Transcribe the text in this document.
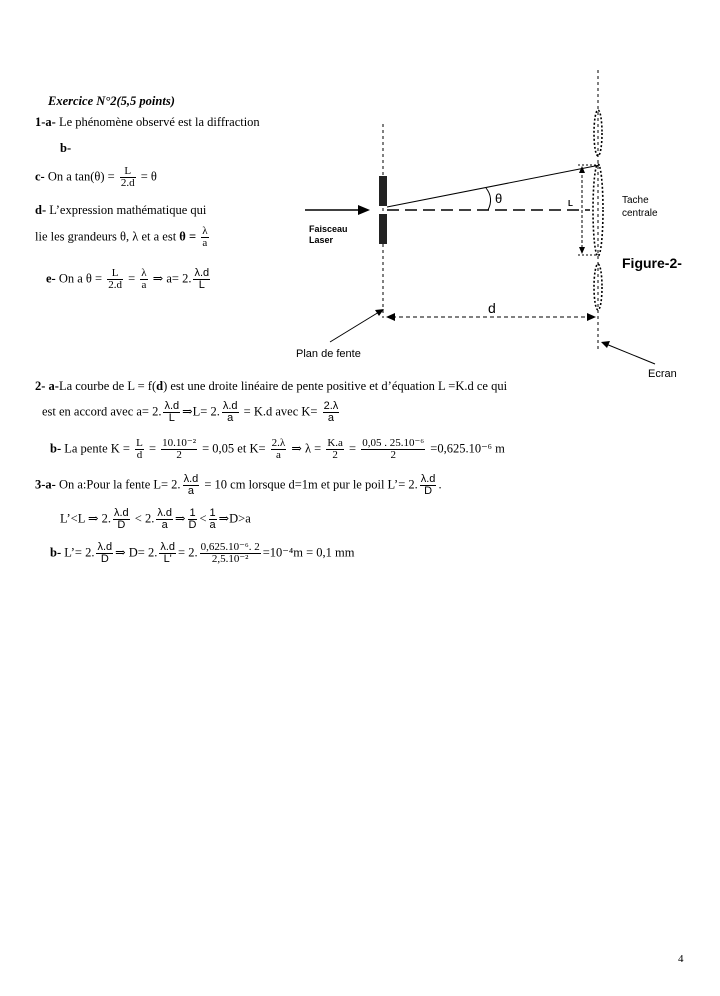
Exercice N°2(5,5 points)
1-a- Le phénomène observé est la diffraction
b-
c- On a $\tan(\theta) = \frac{L}{2.d} = \theta$
d- L’expression mathématique qui
lie les grandeurs θ, λ et a est $\theta = \frac{\lambda}{a}$
e- On a $\theta = \frac{L}{2.d} = \frac{\lambda}{a}$ ⇒ a= 2. $\frac{\lambda.d}{L}$
θ	L	Tache
centrale
Faisceau
Laser
Figure-2-
d
Plan de fente
Ecran
2- a-La courbe de L = f(d) est une droite linéaire de pente positive et d’équation L =K.d ce qui
est en accord avec a= 2. $\frac{\lambda.d}{L}$ ⇒L= 2. $\frac{\lambda.d}{a} = K.d$ avec $K= \frac{2.\lambda}{a}$
b- La pente $K = \frac{L}{d} = \frac{\text{10.10⁻²}}{2} = 0,05$ et $K= \frac{2.\lambda}{a}$ ⇒ $\lambda = \frac{K.a}{2} = \frac{\text{0,05 . 25.10⁻⁶}}{2} =0,625.10^{-6}$ m
3-a- On a:Pour la fente L= 2. $\frac{\lambda.d}{a} = 10$ cm lorsque d=1m et pur le poil L’= 2. $\frac{\lambda.d}{D}$ .
L’<L ⇒ 2. $\frac{\lambda.d}{D} < 2$. $\frac{\lambda.d}{a}$ ⇒ $\frac{1}{D} < \frac{1}{a}$ ⇒D>a
b- L’= 2. $\frac{\lambda.d}{D}$ ⇒ D= 2. $\frac{\lambda.d}{L'} = 2$. $\frac{\text{0,625.10⁻⁶. 2}}{\text{2,5.10⁻²}} =10^{-4}m = 0,1$ mm
4
